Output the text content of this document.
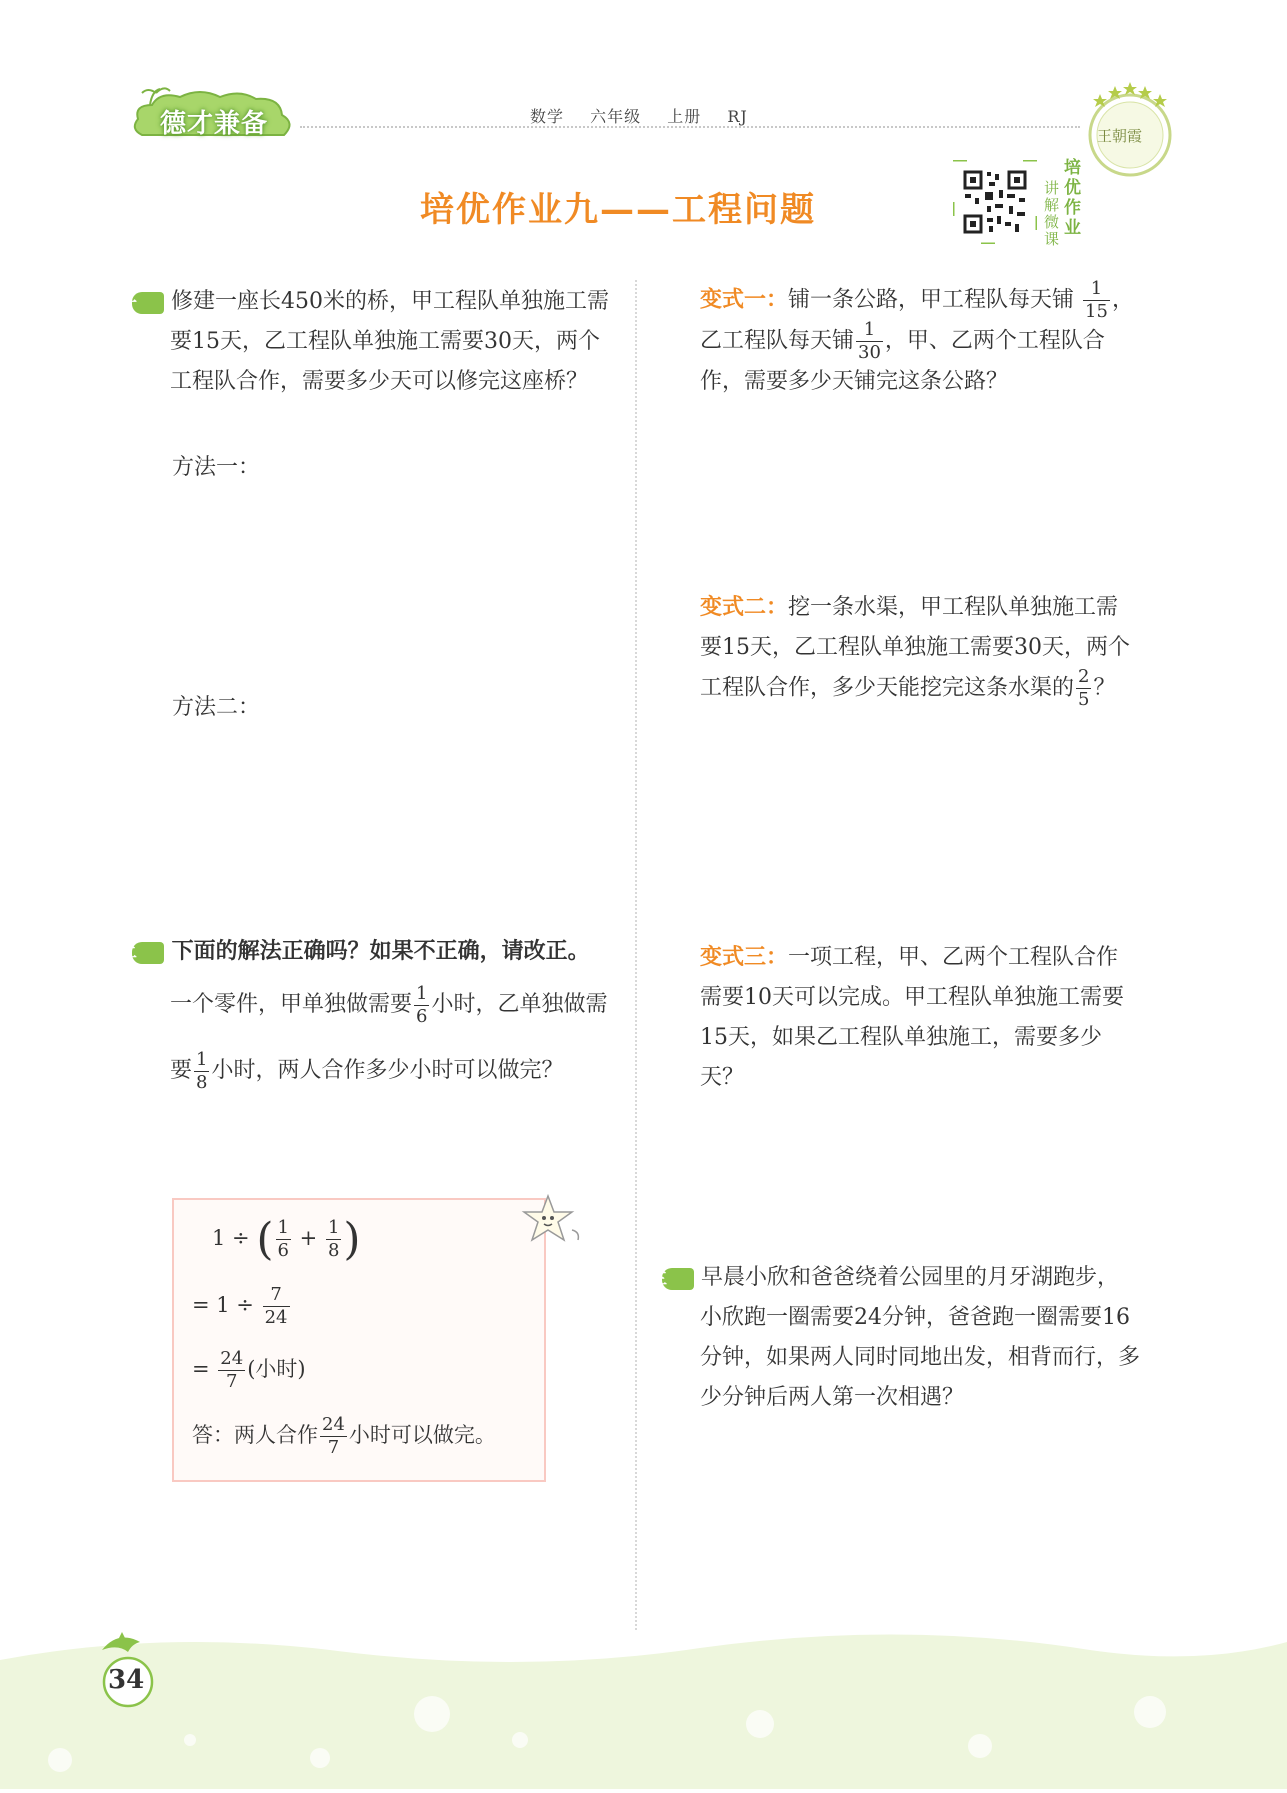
德才兼备	数学 六年级 上册 RJ
王朝霞
培优作业九——工程问题
讲解微课
培优作业
一 修建一座长450米的桥，甲工程队单独施工需要15天，乙工程队单独施工需要30天，两个工程队合作，需要多少天可以修完这座桥？
方法一：
方法二：
变式一：铺一条公路，甲工程队每天铺 $\frac{1}{15}$ ，乙工程队每天铺 $\frac{1}{30}$ ，甲、乙两个工程队合作，需要多少天铺完这条公路？
变式二：挖一条水渠，甲工程队单独施工需要15天，乙工程队单独施工需要30天，两个工程队合作，多少天能挖完这条水渠的 $\frac{2}{5}$ ？
二 下面的解法正确吗？如果不正确，请改正。
一个零件，甲单独做需要 $\frac{1}{6}$ 小时，乙单独做需要 $\frac{1}{8}$ 小时，两人合作多少小时可以做完？
1 ÷ ( $\frac{1}{6} + \frac{1}{8}$ )
= $1 \div \frac{7}{24}$
= $\frac{24}{7}$ (小时)
答：两人合作 $\frac{24}{7}$ 小时可以做完。
变式三：一项工程，甲、乙两个工程队合作需要10天可以完成。甲工程队单独施工需要15天，如果乙工程队单独施工，需要多少天？
三 早晨小欣和爸爸绕着公园里的月牙湖跑步，小欣跑一圈需要24分钟，爸爸跑一圈需要16分钟，如果两人同时同地出发，相背而行，多少分钟后两人第一次相遇？
34
